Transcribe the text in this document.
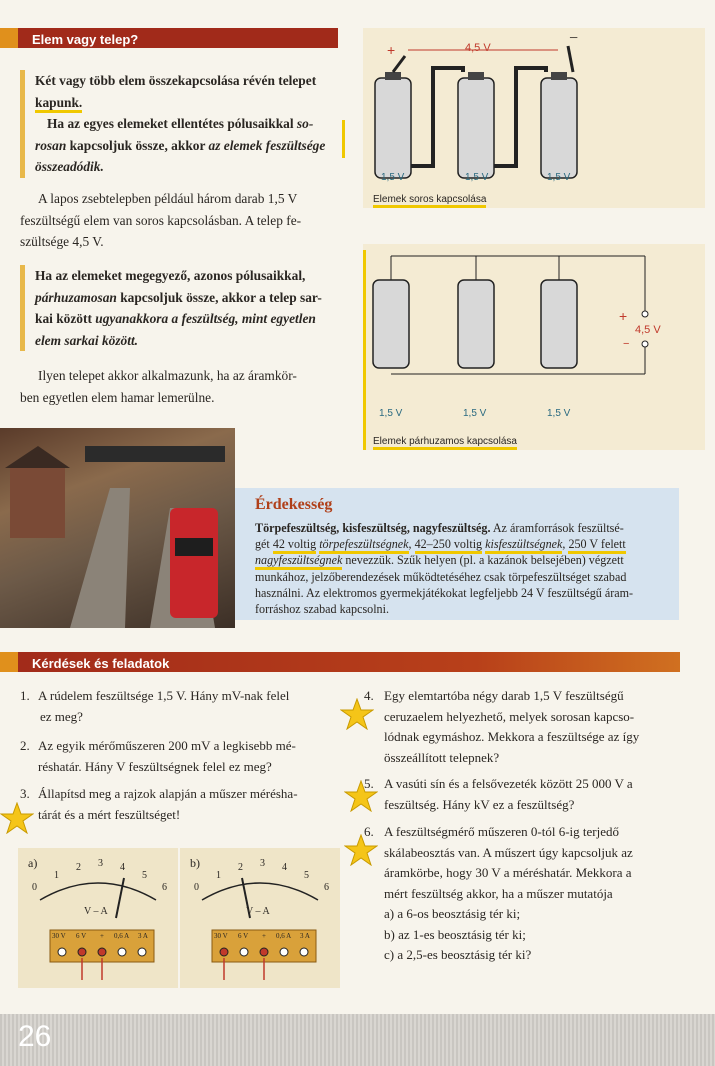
Elem vagy telep?
Két vagy több elem összekapcsolása révén telepet
kapunk.
Ha az egyes elemeket ellentétes pólusaikkal so-
rosan kapcsoljuk össze, akkor az elemek feszültsége
összeadódik.
A lapos zsebtelepben például három darab 1,5 V
feszültségű elem van soros kapcsolásban. A telep fe-
szültsége 4,5 V.
Ha az elemeket megegyező, azonos pólusaikkal,
párhuzamosan kapcsoljuk össze, akkor a telep sar-
kai között ugyanakkora a feszültség, mint egyetlen
elem sarkai között.
Ilyen telepet akkor alkalmazunk, ha az áramkör-
ben egyetlen elem hamar lemerülne.
+
−
4,5 V
1,5 V	1,5 V	1,5 V
Elemek soros kapcsolása
+
4,5 V
−
1,5 V	1,5 V	1,5 V
Elemek párhuzamos kapcsolása
Érdekesség

Törpefeszültség, kisfeszültség, nagyfeszültség. Az áramforrások feszültsé-
gét 42 voltig törpefeszültségnek, 42–250 voltig kisfeszültségnek, 250 V felett
nagyfeszültségnek nevezzük. Szűk helyen (pl. a kazánok belsejében) végzett
munkához, jelzőberendezések működtetéséhez csak törpefeszültséget szabad
használni. Az elektromos gyermekjátékokat legfeljebb 24 V feszültségű áram-
forráshoz szabad kapcsolni.

Kérdések és feladatok
1. A rúdelem feszültsége 1,5 V. Hány mV-nak felel
ez meg?
2. Az egyik mérőműszeren 200 mV a legkisebb mé-
réshatár. Hány V feszültségnek felel ez meg?
3. Állapítsd meg a rajzok alapján a műszer mérésha-
tárát és a mért feszültséget!
a)
0
1
2 3 4
5
6
V – A
30 V 6 V + 0,6 A 3 A
b)
0
1
2 3 4
5
6
V – A
30 V 6 V + 0,6 A 3 A
4. Egy elemtartóba négy darab 1,5 V feszültségű
ceruzaelem helyezhető, melyek sorosan kapcso-
lódnak egymáshoz. Mekkora a feszültsége az így
összeállított telepnek?
5. A vasúti sín és a felsővezeték között 25 000 V a
feszültség. Hány kV ez a feszültség?
6. A feszültségmérő műszeren 0-tól 6-ig terjedő
skálabeosztás van. A műszert úgy kapcsoljuk az
áramkörbe, hogy 30 V a méréshatár. Mekkora a
mért feszültség akkor, ha a műszer mutatója
a) a 6-os beosztásig tér ki;
b) az 1-es beosztásig tér ki;
c) a 2,5-es beosztásig tér ki?
26
